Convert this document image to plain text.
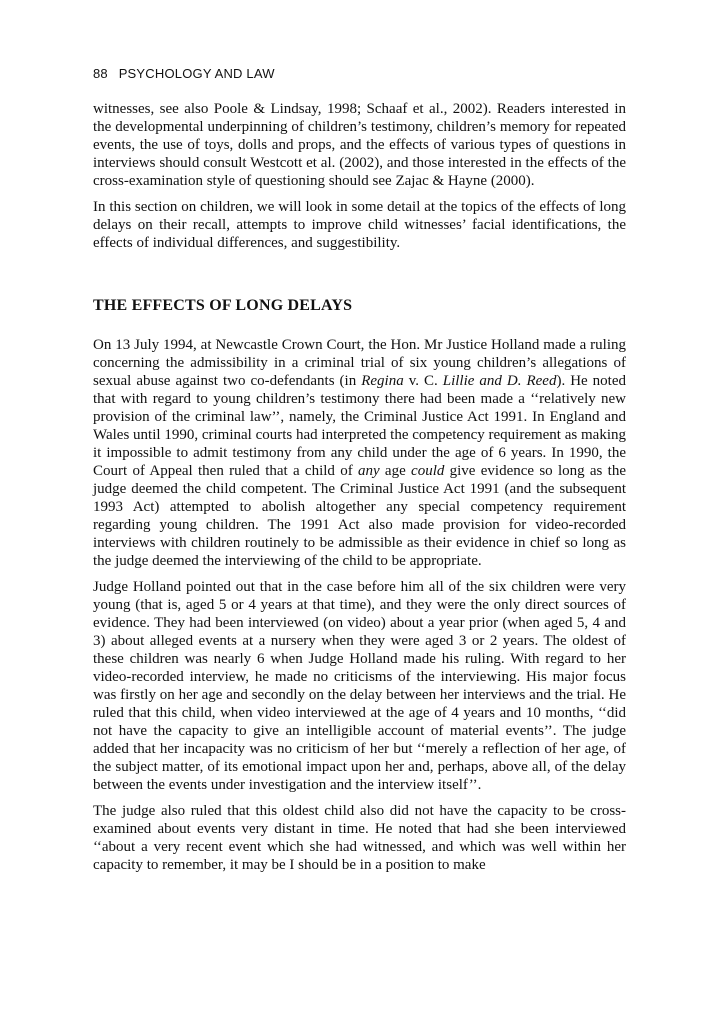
88 PSYCHOLOGY AND LAW

witnesses, see also Poole & Lindsay, 1998; Schaaf et al., 2002). Readers interested in the developmental underpinning of children’s testimony, children’s memory for repeated events, the use of toys, dolls and props, and the effects of various types of questions in interviews should consult Westcott et al. (2002), and those interested in the effects of the cross-examination style of questioning should see Zajac & Hayne (2000).

In this section on children, we will look in some detail at the topics of the effects of long delays on their recall, attempts to improve child witnesses’ facial identifications, the effects of individual differences, and suggestibility.

THE EFFECTS OF LONG DELAYS

On 13 July 1994, at Newcastle Crown Court, the Hon. Mr Justice Holland made a ruling concerning the admissibility in a criminal trial of six young children’s allegations of sexual abuse against two co-defendants (in Regina v. C. Lillie and D. Reed). He noted that with regard to young children’s testimony there had been made a ‘‘relatively new provision of the criminal law’’, namely, the Criminal Justice Act 1991. In England and Wales until 1990, criminal courts had interpreted the competency requirement as making it impossible to admit testimony from any child under the age of 6 years. In 1990, the Court of Appeal then ruled that a child of any age could give evidence so long as the judge deemed the child competent. The Criminal Justice Act 1991 (and the subsequent 1993 Act) attempted to abolish altogether any special competency requirement regarding young children. The 1991 Act also made provision for video-recorded interviews with children routinely to be admissible as their evidence in chief so long as the judge deemed the interviewing of the child to be appropriate.

Judge Holland pointed out that in the case before him all of the six children were very young (that is, aged 5 or 4 years at that time), and they were the only direct sources of evidence. They had been interviewed (on video) about a year prior (when aged 5, 4 and 3) about alleged events at a nursery when they were aged 3 or 2 years. The oldest of these children was nearly 6 when Judge Holland made his ruling. With regard to her video-recorded interview, he made no criticisms of the interviewing. His major focus was firstly on her age and secondly on the delay between her interviews and the trial. He ruled that this child, when video interviewed at the age of 4 years and 10 months, ‘‘did not have the capacity to give an intelligible account of material events’’. The judge added that her incapacity was no criticism of her but ‘‘merely a reflection of her age, of the subject matter, of its emotional impact upon her and, perhaps, above all, of the delay between the events under investigation and the interview itself’’.

The judge also ruled that this oldest child also did not have the capacity to be cross-examined about events very distant in time. He noted that had she been interviewed ‘‘about a very recent event which she had witnessed, and which was well within her capacity to remember, it may be I should be in a position to make
